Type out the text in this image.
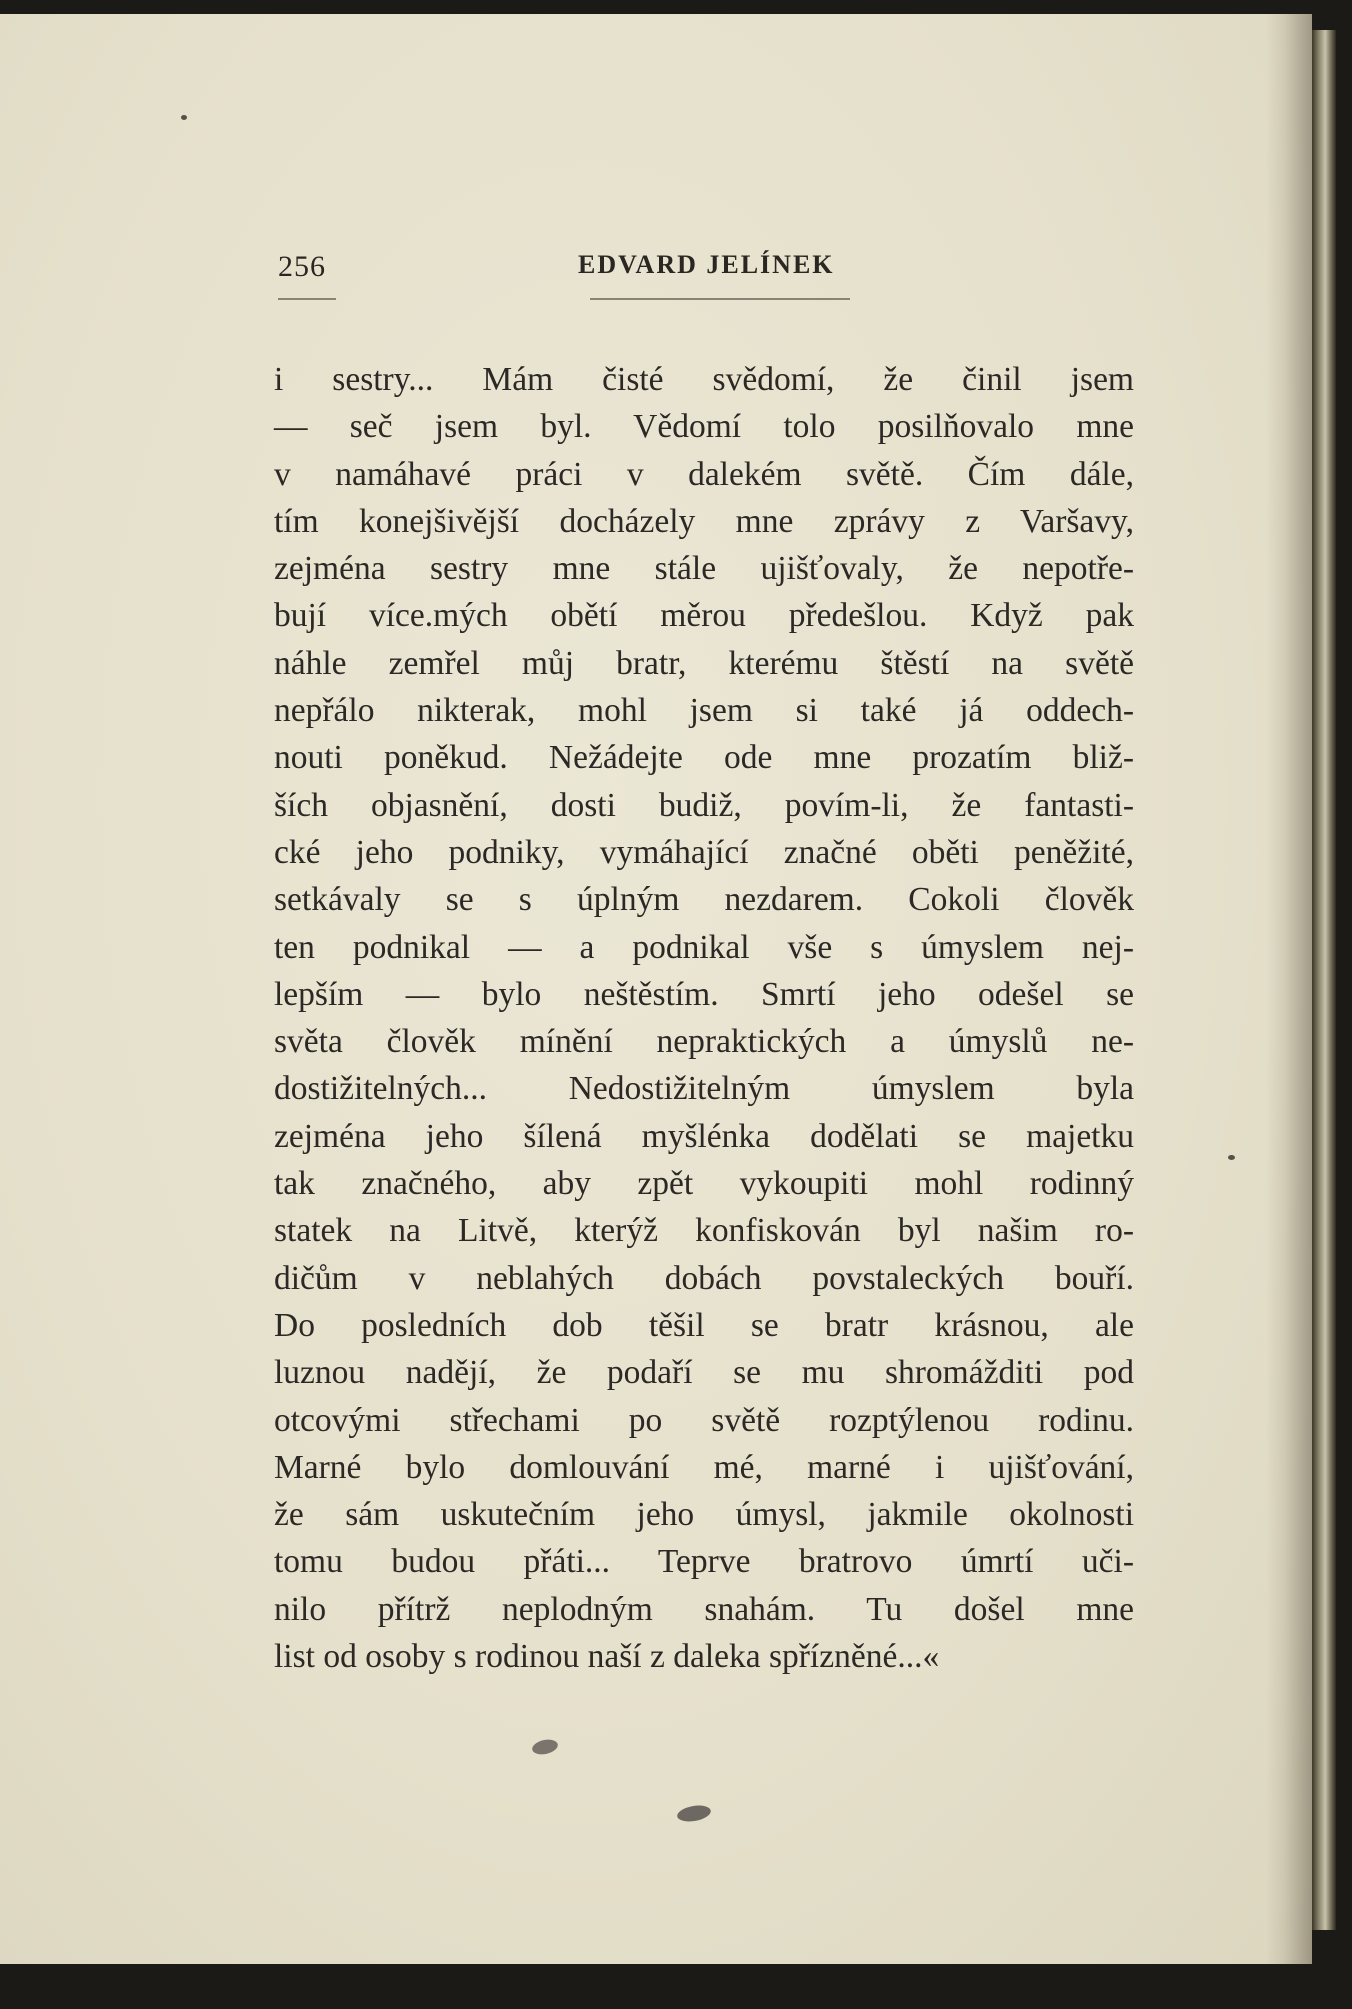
256	EDVARD JELÍNEK
i sestry... Mám čisté svědomí, že činil jsem
— seč jsem byl. Vědomí tolo posilňovalo mne
v namáhavé práci v dalekém světě. Čím dále,
tím konejšivější docházely mne zprávy z Varšavy,
zejména sestry mne stále ujišťovaly, že nepotře-
bují více.mých obětí měrou předešlou. Když pak
náhle zemřel můj bratr, kterému štěstí na světě
nepřálo nikterak, mohl jsem si také já oddech-
nouti poněkud. Nežádejte ode mne prozatím bliž-
ších objasnění, dosti budiž, povím-li, že fantasti-
cké jeho podniky, vymáhající značné oběti peněžité,
setkávaly se s úplným nezdarem. Cokoli člověk
ten podnikal — a podnikal vše s úmyslem nej-
lepším — bylo neštěstím. Smrtí jeho odešel se
světa člověk mínění nepraktických a úmyslů ne-
dostižitelných... Nedostižitelným úmyslem byla
zejména jeho šílená myšlénka dodělati se majetku
tak značného, aby zpět vykoupiti mohl rodinný
statek na Litvě, kterýž konfiskován byl našim ro-
dičům v neblahých dobách povstaleckých bouří.
Do posledních dob těšil se bratr krásnou, ale
luznou nadějí, že podaří se mu shromážditi pod
otcovými střechami po světě rozptýlenou rodinu.
Marné bylo domlouvání mé, marné i ujišťování,
že sám uskutečním jeho úmysl, jakmile okolnosti
tomu budou přáti... Teprve bratrovo úmrtí uči-
nilo přítrž neplodným snahám. Tu došel mne
list od osoby s rodinou naší z daleka spřízněné...«
